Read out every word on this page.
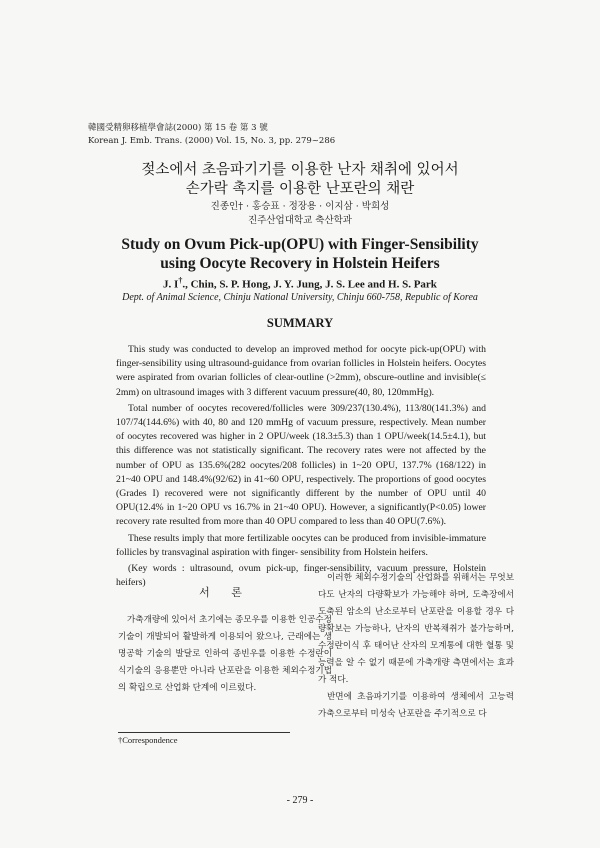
韓國受精卵移植學會誌(2000) 第 15 卷 第 3 號
Korean J. Emb. Trans. (2000) Vol. 15, No. 3, pp. 279~286
젖소에서 초음파기기를 이용한 난자 채취에 있어서
손가락 촉지를 이용한 난포란의 채란
진종인† · 홍승표 · 정장용 · 이지삼 · 박희성
진주산업대학교 축산학과
Study on Ovum Pick-up(OPU) with Finger-Sensibility
using Oocyte Recovery in Holstein Heifers
J. I†., Chin, S. P. Hong, J. Y. Jung, J. S. Lee and H. S. Park
Dept. of Animal Science, Chinju National University, Chinju 660-758, Republic of Korea
SUMMARY

This study was conducted to develop an improved method for oocyte pick-up(OPU) with finger-sensibility using ultrasound-guidance from ovarian follicles in Holstein heifers. Oocytes were aspirated from ovarian follicles of clear-outline (>2mm), obscure-outline and invisible(≤ 2mm) on ultrasound images with 3 different vacuum pressure(40, 80, 120mmHg).

Total number of oocytes recovered/follicles were 309/237(130.4%), 113/80(141.3%) and 107/74(144.6%) with 40, 80 and 120 mmHg of vacuum pressure, respectively. Mean number of oocytes recovered was higher in 2 OPU/week (18.3±5.3) than 1 OPU/week(14.5±4.1), but this difference was not statistically significant. The recovery rates were not affected by the number of OPU as 135.6%(282 oocytes/208 follicles) in 1~20 OPU, 137.7% (168/122) in 21~40 OPU and 148.4%(92/62) in 41~60 OPU, respectively. The proportions of good oocytes (Grades I) recovered were not significantly different by the number of OPU until 40 OPU(12.4% in 1~20 OPU vs 16.7% in 21~40 OPU). However, a significantly(P<0.05) lower recovery rate resulted from more than 40 OPU compared to less than 40 OPU(7.6%).

These results imply that more fertilizable oocytes can be produced from invisible-immature follicles by transvaginal aspiration with finger- sensibility from Holstein heifers.

(Key words : ultrasound, ovum pick-up, finger-sensibility, vacuum pressure, Holstein heifers)

서 론

가축개량에 있어서 초기에는 종모우를 이용한 인공수정 기술이 개발되어 활발하게 이용되어 왔으나, 근래에는 생명공학 기술의 발달로 인하여 종빈우를 이용한 수정란이식기술의 응용뿐만 아니라 난포란을 이용한 체외수정기법의 확립으로 산업화 단계에 이르렀다.

이러한 체외수정기술의 산업화를 위해서는 무엇보다도 난자의 다량확보가 가능해야 하며, 도축장에서 도축된 암소의 난소로부터 난포란을 이용할 경우 다량확보는 가능하나, 난자의 반복채취가 불가능하며, 수정란이식 후 태어난 산자의 모계통에 대한 혈통 및 능력을 알 수 없기 때문에 가축개량 측면에서는 효과가 적다.

반면에 초음파기기를 이용하여 생체에서 고능력 가축으로부터 미성숙 난포란을 주기적으로 다

†Correspondence
- 279 -
